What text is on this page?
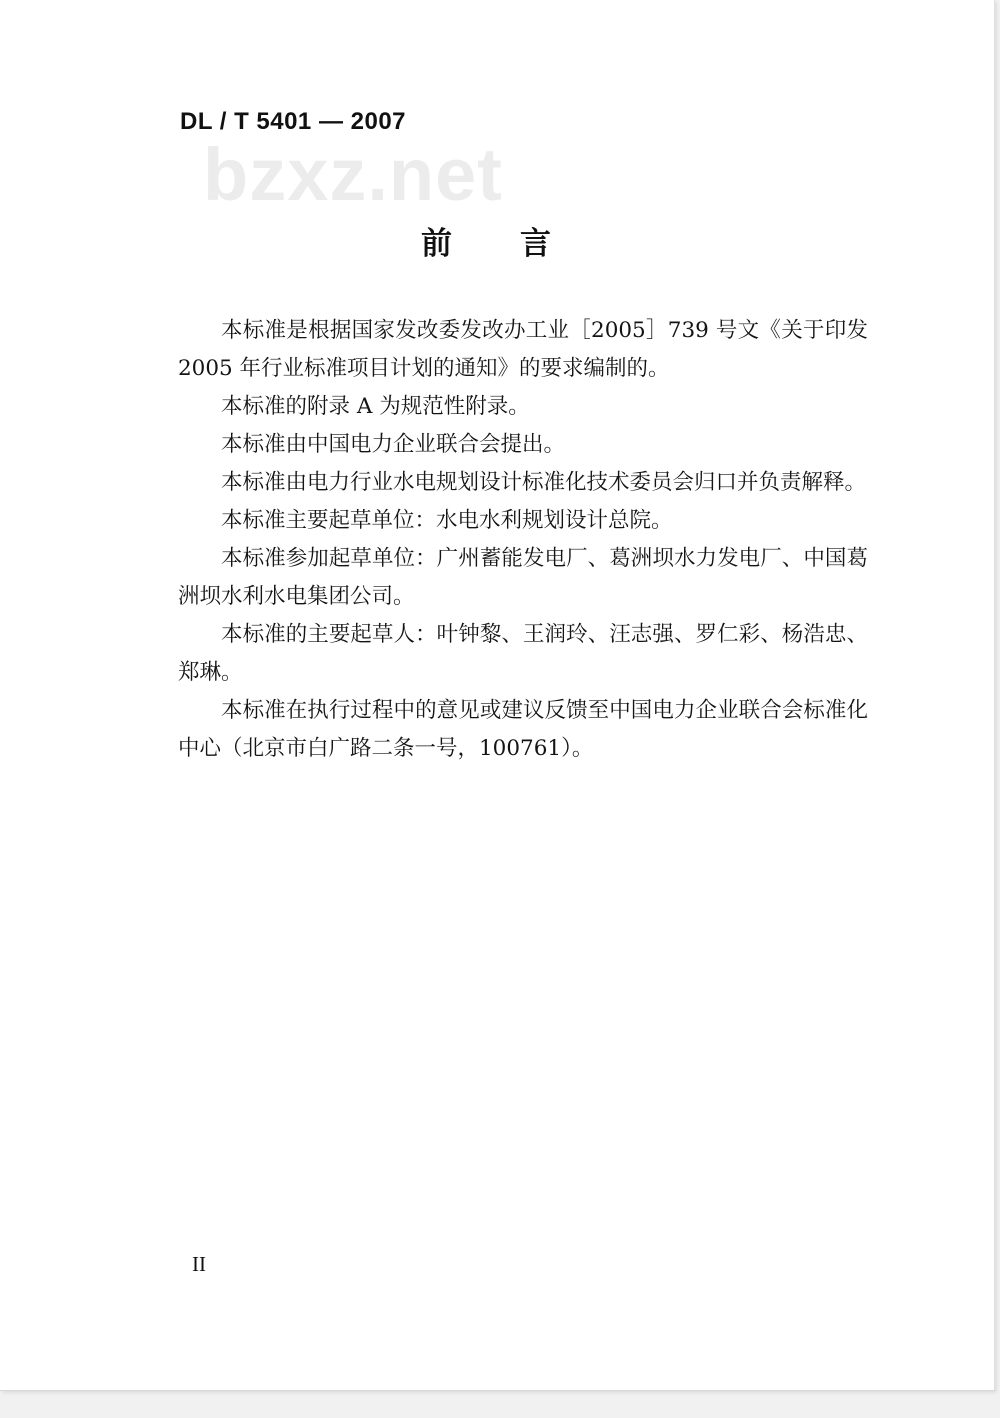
DL / T 5401 — 2007
bzxz.net
前言

本标准是根据国家发改委发改办工业［2005］739 号文《关于印发 2005 年行业标准项目计划的通知》的要求编制的。

本标准的附录 A 为规范性附录。

本标准由中国电力企业联合会提出。

本标准由电力行业水电规划设计标准化技术委员会归口并负责解释。

本标准主要起草单位：水电水利规划设计总院。

本标准参加起草单位：广州蓄能发电厂、葛洲坝水力发电厂、中国葛洲坝水利水电集团公司。

本标准的主要起草人：叶钟黎、王润玲、汪志强、罗仁彩、杨浩忠、郑琳。

本标准在执行过程中的意见或建议反馈至中国电力企业联合会标准化中心（北京市白广路二条一号，100761）。

II
